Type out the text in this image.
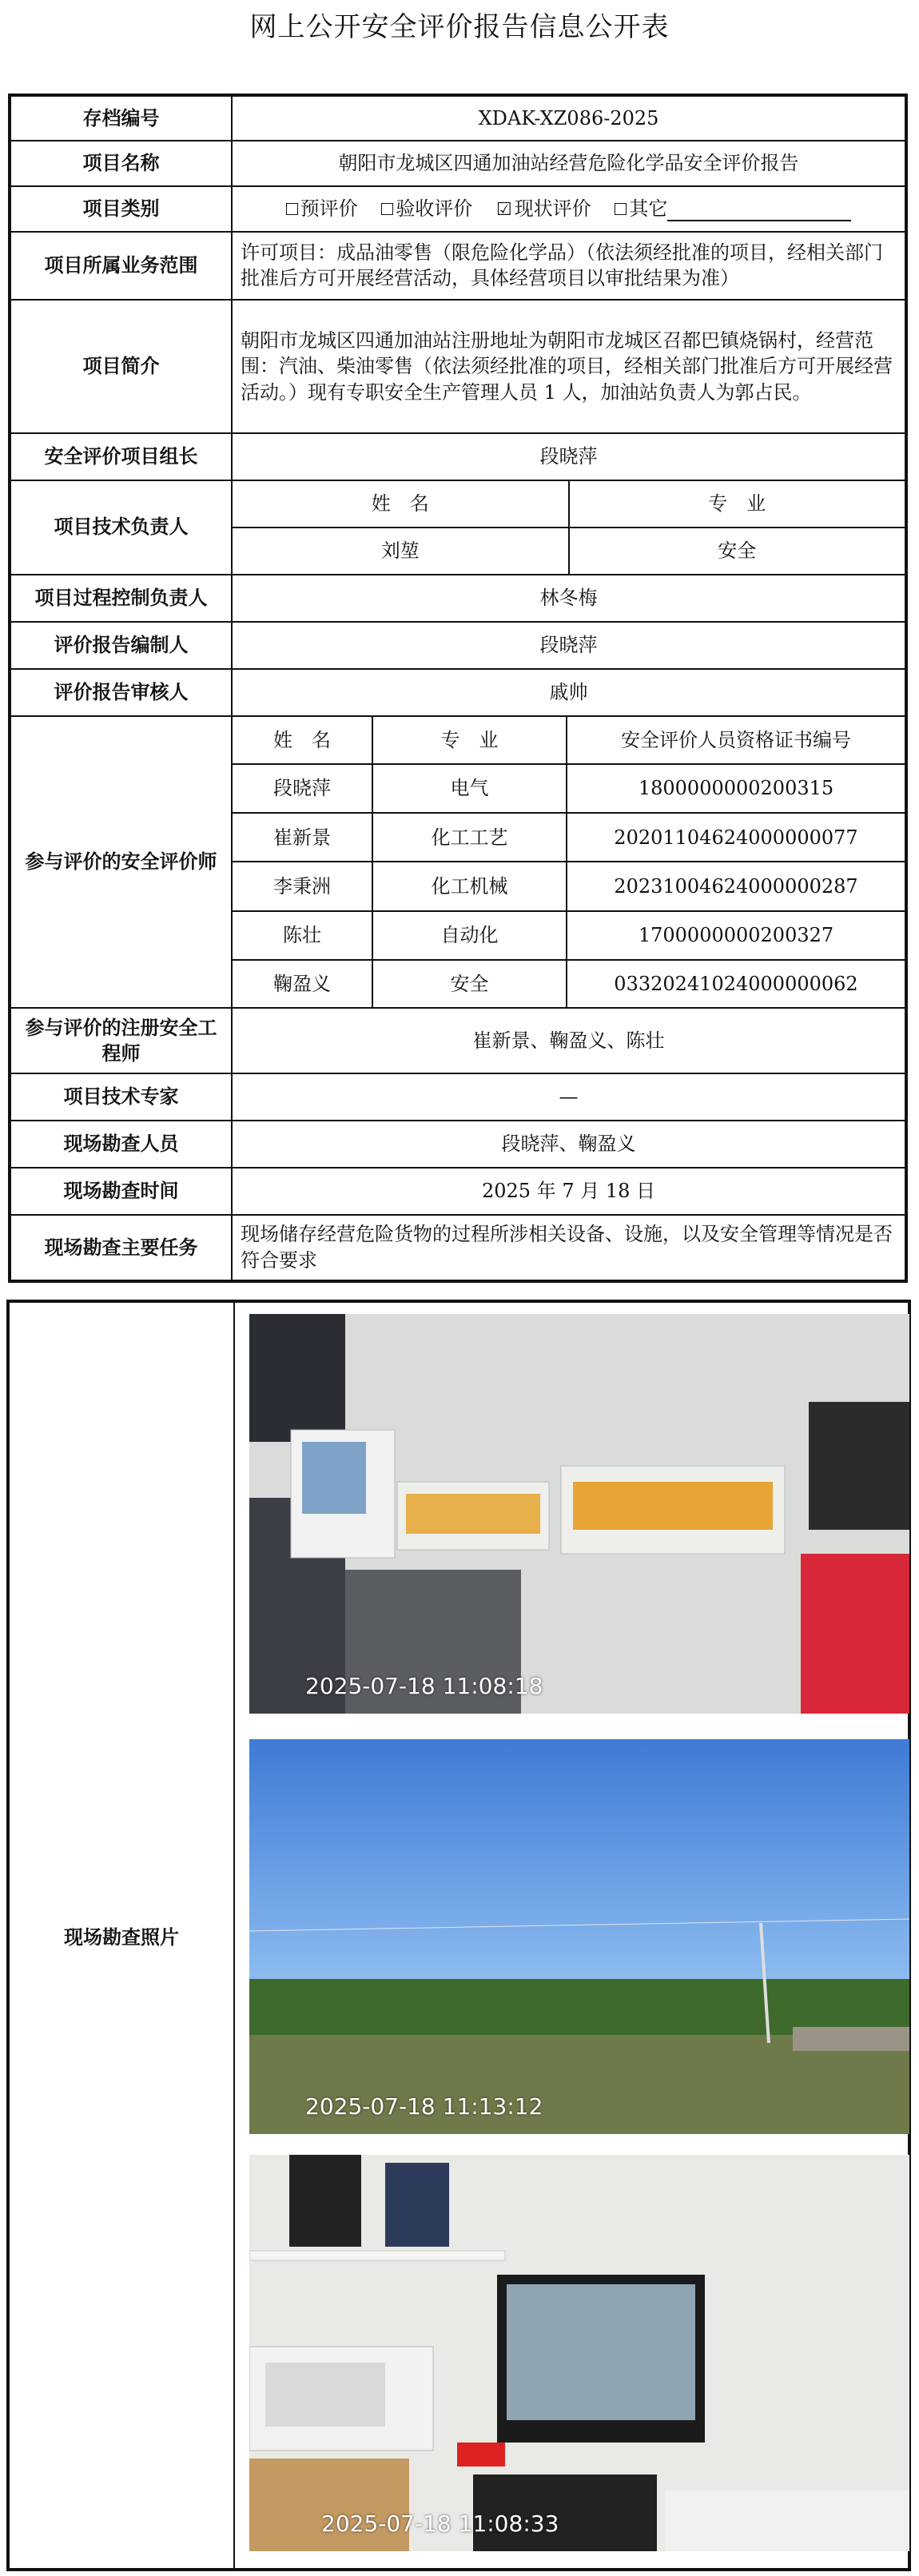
网上公开安全评价报告信息公开表
存档编号	XDAK-XZ086-2025
项目名称	朝阳市龙城区四通加油站经营危险化学品安全评价报告
项目类别	预评价 验收评价 ☑ 现状评价 其它
项目所属业务范围	许可项目：成品油零售（限危险化学品）（依法须经批准的项目，经相关部门批准后方可开展经营活动，具体经营项目以审批结果为准）
项目简介	朝阳市龙城区四通加油站注册地址为朝阳市龙城区召都巴镇烧锅村，经营范围：汽油、柴油零售（依法须经批准的项目，经相关部门批准后方可开展经营活动。）现有专职安全生产管理人员 1 人，加油站负责人为郭占民。
安全评价项目组长	段晓萍
项目技术负责人	
姓　名	专　业
刘堃	安全

项目过程控制负责人	林冬梅
评价报告编制人	段晓萍
评价报告审核人	戚帅
参与评价的安全评价师	
姓　名	专　业	安全评价人员资格证书编号
段晓萍	电气	1800000000200315
崔新景	化工工艺	20201104624000000077
李秉洲	化工机械	20231004624000000287
陈壮	自动化	1700000000200327
鞠盈义	安全	03320241024000000062

参与评价的注册安全工程师	崔新景、鞠盈义、陈壮
项目技术专家	—
现场勘查人员	段晓萍、鞠盈义
现场勘查时间	2025 年 7 月 18 日
现场勘查主要任务	现场储存经营危险货物的过程所涉相关设备、设施，以及安全管理等情况是否符合要求
现场勘查照片
2025-07-18 11:08:18
2025-07-18 11:13:12
2025-07-18 11:08:33
